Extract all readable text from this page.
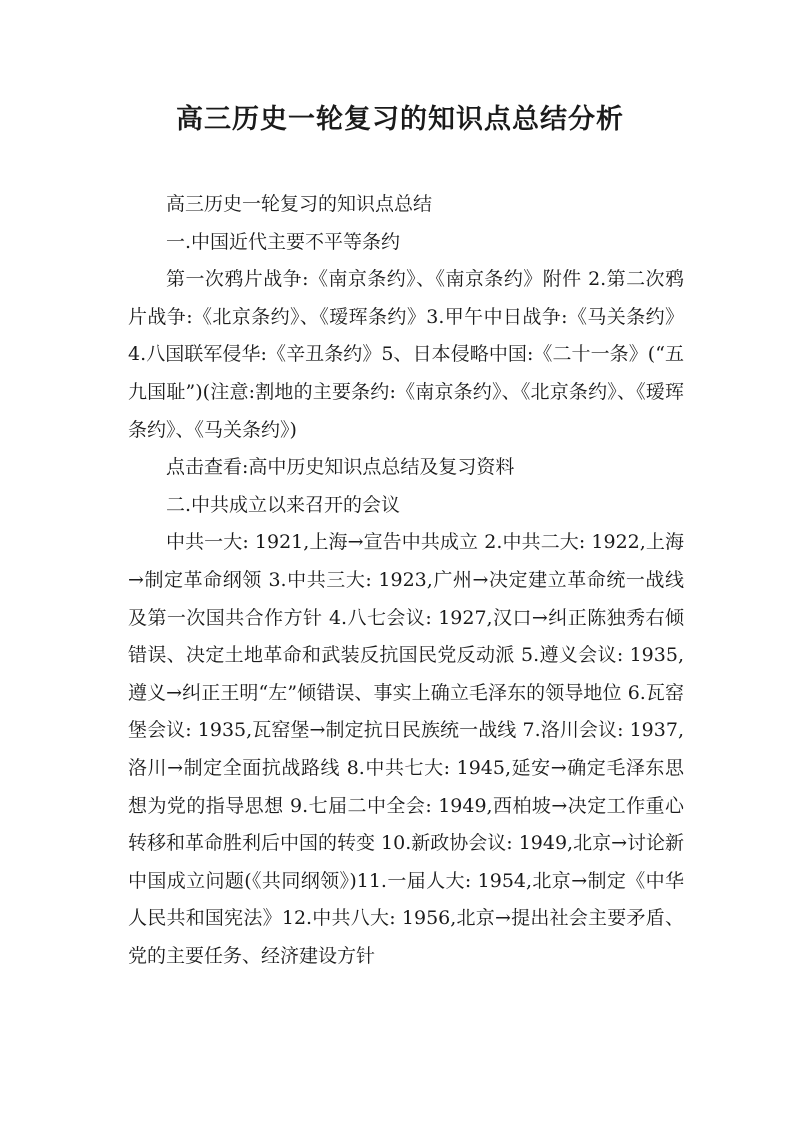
高三历史一轮复习的知识点总结分析

高三历史一轮复习的知识点总结

一.中国近代主要不平等条约

第一次鸦片战争:《南京条约》、《南京条约》附件 2.第二次鸦片战争:《北京条约》、《瑷珲条约》3.甲午中日战争:《马关条约》4.八国联军侵华:《辛丑条约》5、日本侵略中国:《二十一条》(“五九国耻”)(注意:割地的主要条约:《南京条约》、《北京条约》、《瑷珲条约》、《马关条约》)

点击查看:高中历史知识点总结及复习资料

二.中共成立以来召开的会议

中共一大: 1921,上海→宣告中共成立 2.中共二大: 1922,上海→制定革命纲领 3.中共三大: 1923,广州→决定建立革命统一战线及第一次国共合作方针 4.八七会议: 1927,汉口→纠正陈独秀右倾错误、决定土地革命和武装反抗国民党反动派 5.遵义会议: 1935,遵义→纠正王明“左”倾错误、事实上确立毛泽东的领导地位 6.瓦窑堡会议: 1935,瓦窑堡→制定抗日民族统一战线 7.洛川会议: 1937,洛川→制定全面抗战路线 8.中共七大: 1945,延安→确定毛泽东思想为党的指导思想 9.七届二中全会: 1949,西柏坡→决定工作重心转移和革命胜利后中国的转变 10.新政协会议: 1949,北京→讨论新中国成立问题(《共同纲领》)11.一届人大: 1954,北京→制定《中华人民共和国宪法》12.中共八大: 1956,北京→提出社会主要矛盾、党的主要任务、经济建设方针
